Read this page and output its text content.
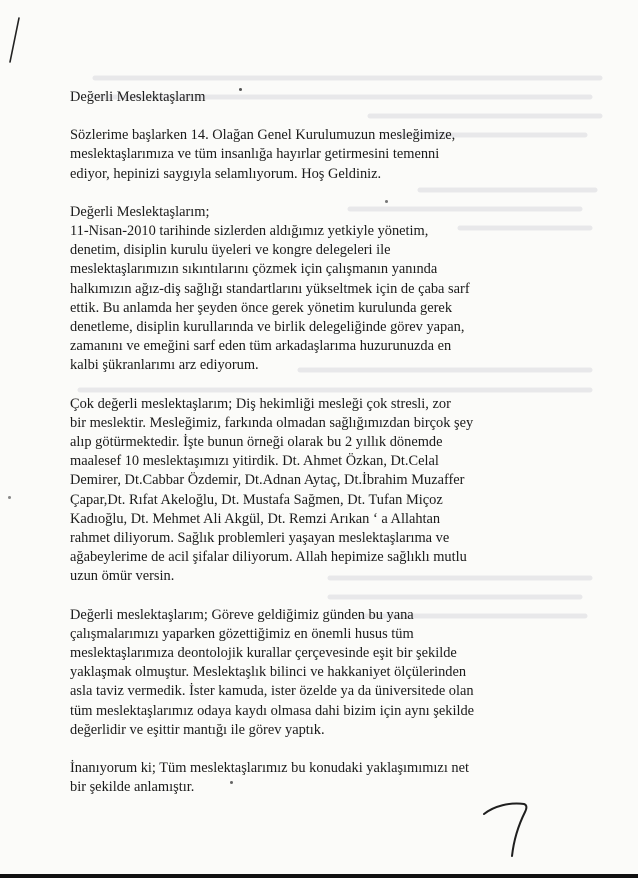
Değerli Meslektaşlarım

Sözlerime başlarken 14. Olağan Genel Kurulumuzun mesleğimize,
meslektaşlarımıza ve tüm insanlığa hayırlar getirmesini temenni
ediyor, hepinizi saygıyla selamlıyorum. Hoş Geldiniz.

Değerli Meslektaşlarım;
11-Nisan-2010 tarihinde sizlerden aldığımız yetkiyle yönetim,
denetim, disiplin kurulu üyeleri ve kongre delegeleri ile
meslektaşlarımızın sıkıntılarını çözmek için çalışmanın yanında
halkımızın ağız-diş sağlığı standartlarını yükseltmek için de çaba sarf
ettik. Bu anlamda her şeyden önce gerek yönetim kurulunda gerek
denetleme, disiplin kurullarında ve birlik delegeliğinde görev yapan,
zamanını ve emeğini sarf eden tüm arkadaşlarıma huzurunuzda en
kalbi şükranlarımı arz ediyorum.

Çok değerli meslektaşlarım; Diş hekimliği mesleği çok stresli, zor
bir meslektir. Mesleğimiz, farkında olmadan sağlığımızdan birçok şey
alıp götürmektedir. İşte bunun örneği olarak bu 2 yıllık dönemde
maalesef 10 meslektaşımızı yitirdik. Dt. Ahmet Özkan, Dt.Celal
Demirer, Dt.Cabbar Özdemir, Dt.Adnan Aytaç, Dt.İbrahim Muzaffer
Çapar,Dt. Rıfat Akeloğlu, Dt. Mustafa Sağmen, Dt. Tufan Miçoz
Kadıoğlu, Dt. Mehmet Ali Akgül, Dt. Remzi Arıkan ‘ a Allahtan
rahmet diliyorum. Sağlık problemleri yaşayan meslektaşlarıma ve
ağabeylerime de acil şifalar diliyorum. Allah hepimize sağlıklı mutlu
uzun ömür versin.

Değerli meslektaşlarım; Göreve geldiğimiz günden bu yana
çalışmalarımızı yaparken gözettiğimiz en önemli husus tüm
meslektaşlarımıza deontolojik kurallar çerçevesinde eşit bir şekilde
yaklaşmak olmuştur. Meslektaşlık bilinci ve hakkaniyet ölçülerinden
asla taviz vermedik. İster kamuda, ister özelde ya da üniversitede olan
tüm meslektaşlarımız odaya kaydı olmasa dahi bizim için aynı şekilde
değerlidir ve eşittir mantığı ile görev yaptık.

İnanıyorum ki; Tüm meslektaşlarımız bu konudaki yaklaşımımızı net
bir şekilde anlamıştır.
